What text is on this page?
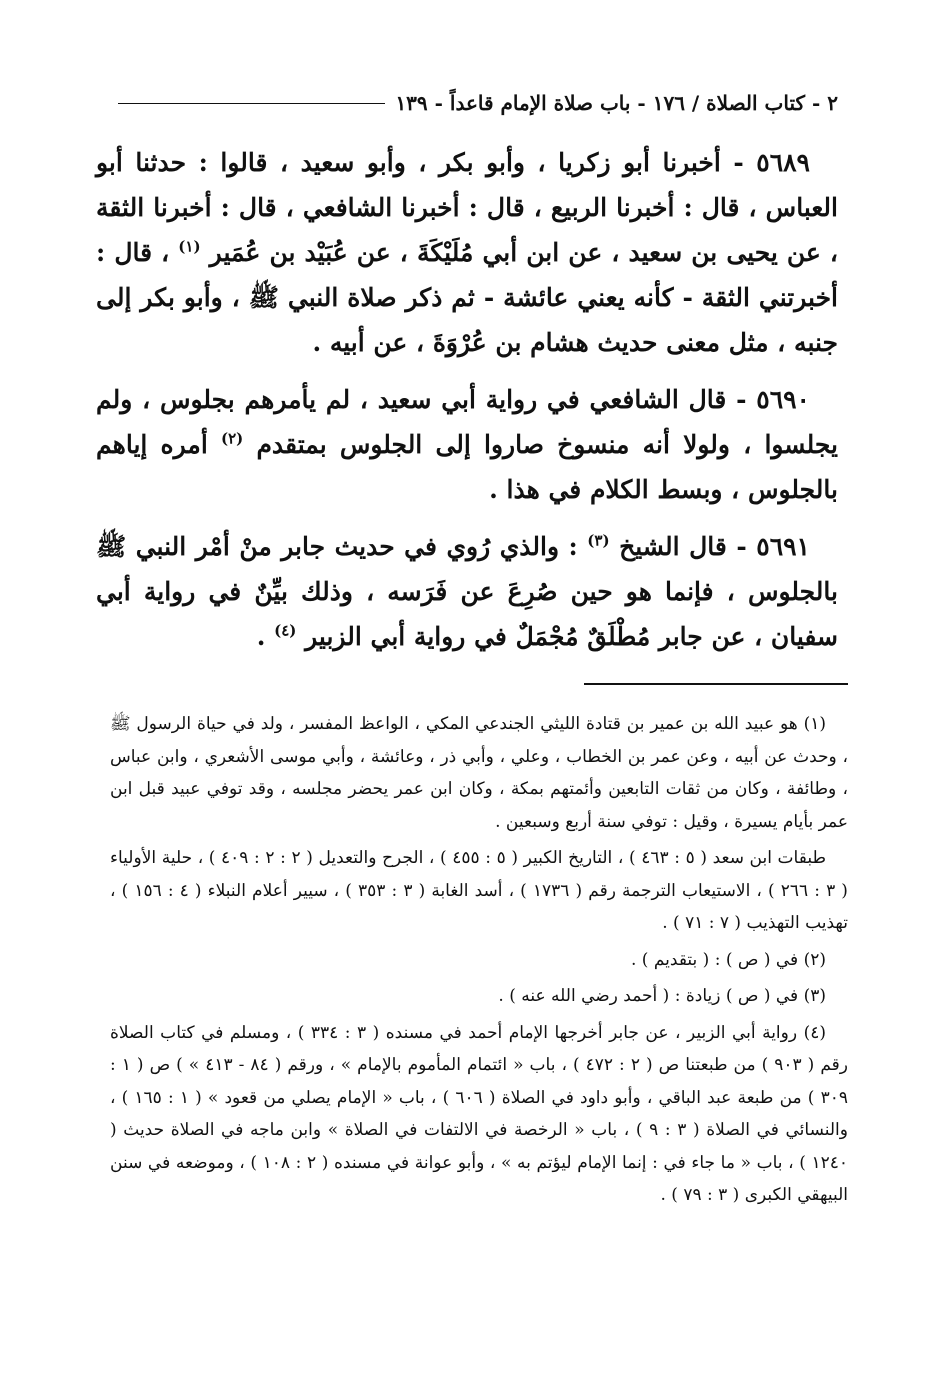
٢ - كتاب الصلاة / ١٧٦ - باب صلاة الإمام قاعداً - ١٣٩

٥٦٨٩ - أخبرنا أبو زكريا ، وأبو بكر ، وأبو سعيد ، قالوا : حدثنا أبو العباس ، قال : أخبرنا الربيع ، قال : أخبرنا الشافعي ، قال : أخبرنا الثقة ، عن يحيى بن سعيد ، عن ابن أبي مُلَيْكَةَ ، عن عُبَيْد بن عُمَير $^{(١)}$ ، قال : أخبرتني الثقة - كأنه يعني عائشة - ثم ذكر صلاة النبي ﷺ ، وأبو بكر إلى جنبه ، مثل معنى حديث هشام بن عُرْوَةَ ، عن أبيه .

٥٦٩٠ - قال الشافعي في رواية أبي سعيد ، لم يأمرهم بجلوس ، ولم يجلسوا ، ولولا أنه منسوخ صاروا إلى الجلوس بمتقدم $^{(٢)}$ أمره إياهم بالجلوس ، وبسط الكلام في هذا .

٥٦٩١ - قال الشيخ $^{(٣)}$ : والذي رُوي في حديث جابر منْ أمْر النبي ﷺ بالجلوس ، فإنما هو حين صُرِعَ عن فَرَسه ، وذلك بيِّنٌ في رواية أبي سفيان ، عن جابر مُطْلَقٌ مُجْمَلٌ في رواية أبي الزبير $^{(٤)}$ .

(١) هو عبيد الله بن عمير بن قتادة الليثي الجندعي المكي ، الواعظ المفسر ، ولد في حياة الرسول ﷺ ، وحدث عن أبيه ، وعن عمر بن الخطاب ، وعلي ، وأبي ذر ، وعائشة ، وأبي موسى الأشعري ، وابن عباس ، وطائفة ، وكان من ثقات التابعين وأئمتهم بمكة ، وكان ابن عمر يحضر مجلسه ، وقد توفي عبيد قبل ابن عمر بأيام يسيرة ، وقيل : توفي سنة أربع وسبعين .

طبقات ابن سعد ( ٥ : ٤٦٣ ) ، التاريخ الكبير ( ٥ : ٤٥٥ ) ، الجرح والتعديل ( ٢ : ٢ : ٤٠٩ ) ، حلية الأولياء ( ٣ : ٢٦٦ ) ، الاستيعاب الترجمة رقم ( ١٧٣٦ ) ، أسد الغابة ( ٣ : ٣٥٣ ) ، سيير أعلام النبلاء ( ٤ : ١٥٦ ) ، تهذيب التهذيب ( ٧ : ٧١ ) .

(٢) في ( ص ) : ( بتقديم ) .

(٣) في ( ص ) زيادة : ( أحمد رضي الله عنه ) .

(٤) رواية أبي الزبير ، عن جابر أخرجها الإمام أحمد في مسنده ( ٣ : ٣٣٤ ) ، ومسلم في كتاب الصلاة رقم ( ٩٠٣ ) من طبعتنا ص ( ٢ : ٤٧٢ ) ، باب « ائتمام المأموم بالإمام » ، ورقم ( ٨٤ - ٤١٣ » ) ص ( ١ : ٣٠٩ ) من طبعة عبد الباقي ، وأبو داود في الصلاة ( ٦٠٦ ) ، باب « الإمام يصلي من قعود » ( ١ : ١٦٥ ) ، والنسائي في الصلاة ( ٣ : ٩ ) ، باب « الرخصة في الالتفات في الصلاة » وابن ماجه في الصلاة حديث ( ١٢٤٠ ) ، باب « ما جاء في : إنما الإمام ليؤتم به » ، وأبو عوانة في مسنده ( ٢ : ١٠٨ ) ، وموضعه في سنن البيهقي الكبرى ( ٣ : ٧٩ ) .
